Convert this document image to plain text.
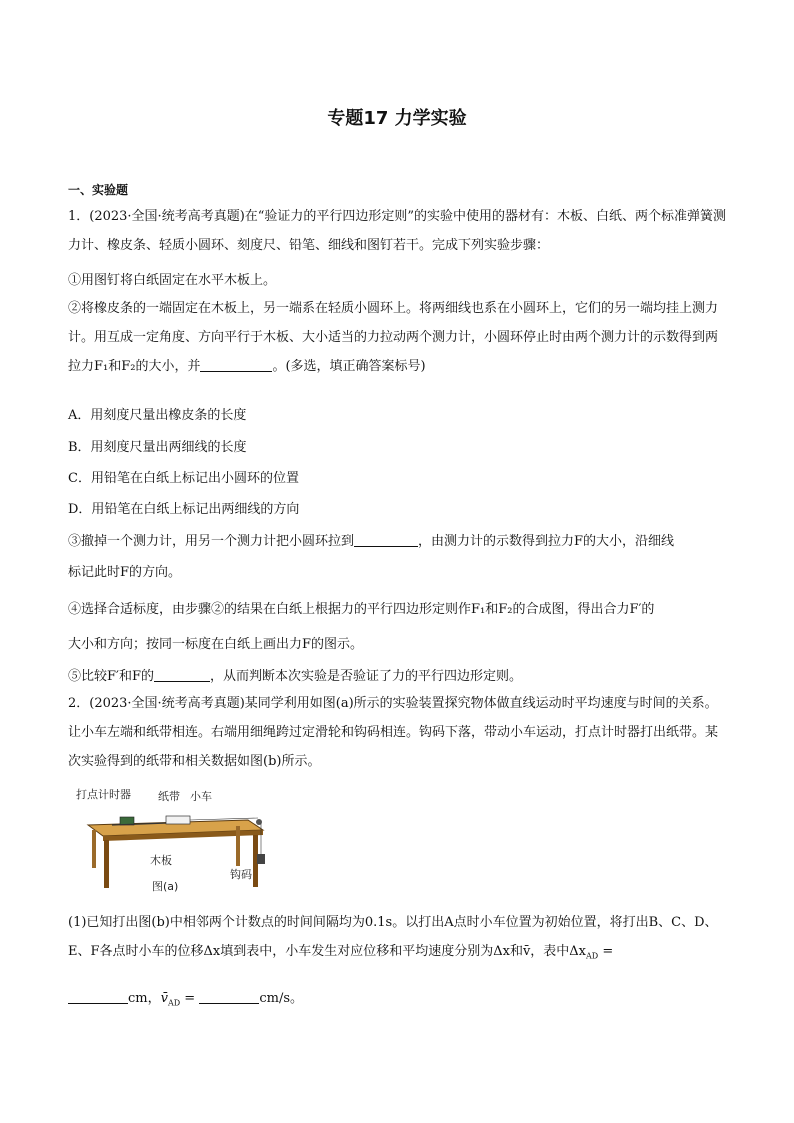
专题17 力学实验
一、实验题
1．(2023·全国·统考高考真题)在“验证力的平行四边形定则”的实验中使用的器材有：木板、白纸、两个标准弹簧测力计、橡皮条、轻质小圆环、刻度尺、铅笔、细线和图钉若干。完成下列实验步骤：
①用图钉将白纸固定在水平木板上。
②将橡皮条的一端固定在木板上，另一端系在轻质小圆环上。将两细线也系在小圆环上，它们的另一端均挂上测力计。用互成一定角度、方向平行于木板、大小适当的力拉动两个测力计，小圆环停止时由两个测力计的示数得到两拉力F₁和F₂的大小，并	。(多选，填正确答案标号)
A．用刻度尺量出橡皮条的长度
B．用刻度尺量出两细线的长度
C．用铅笔在白纸上标记出小圆环的位置
D．用铅笔在白纸上标记出两细线的方向
③撤掉一个测力计，用另一个测力计把小圆环拉到	，由测力计的示数得到拉力F的大小，沿细线
标记此时F的方向。
④选择合适标度，由步骤②的结果在白纸上根据力的平行四边形定则作F₁和F₂的合成图，得出合力F′的
大小和方向；按同一标度在白纸上画出力F的图示。
⑤比较F′和F的	，从而判断本次实验是否验证了力的平行四边形定则。
2．(2023·全国·统考高考真题)某同学利用如图(a)所示的实验装置探究物体做直线运动时平均速度与时间的关系。让小车左端和纸带相连。右端用细绳跨过定滑轮和钩码相连。钩码下落，带动小车运动，打点计时器打出纸带。某次实验得到的纸带和相关数据如图(b)所示。
打点计时器 纸带 小车
木板
钩码
图(a)
(1)已知打出图(b)中相邻两个计数点的时间间隔均为0.1s。以打出A点时小车位置为初始位置，将打出B、C、D、E、F各点时小车的位移Δx填到表中，小车发生对应位移和平均速度分别为Δx和v̄，表中$\Delta x_{AD}$ =
cm，$v̄_{AD}$ =	cm/s。
